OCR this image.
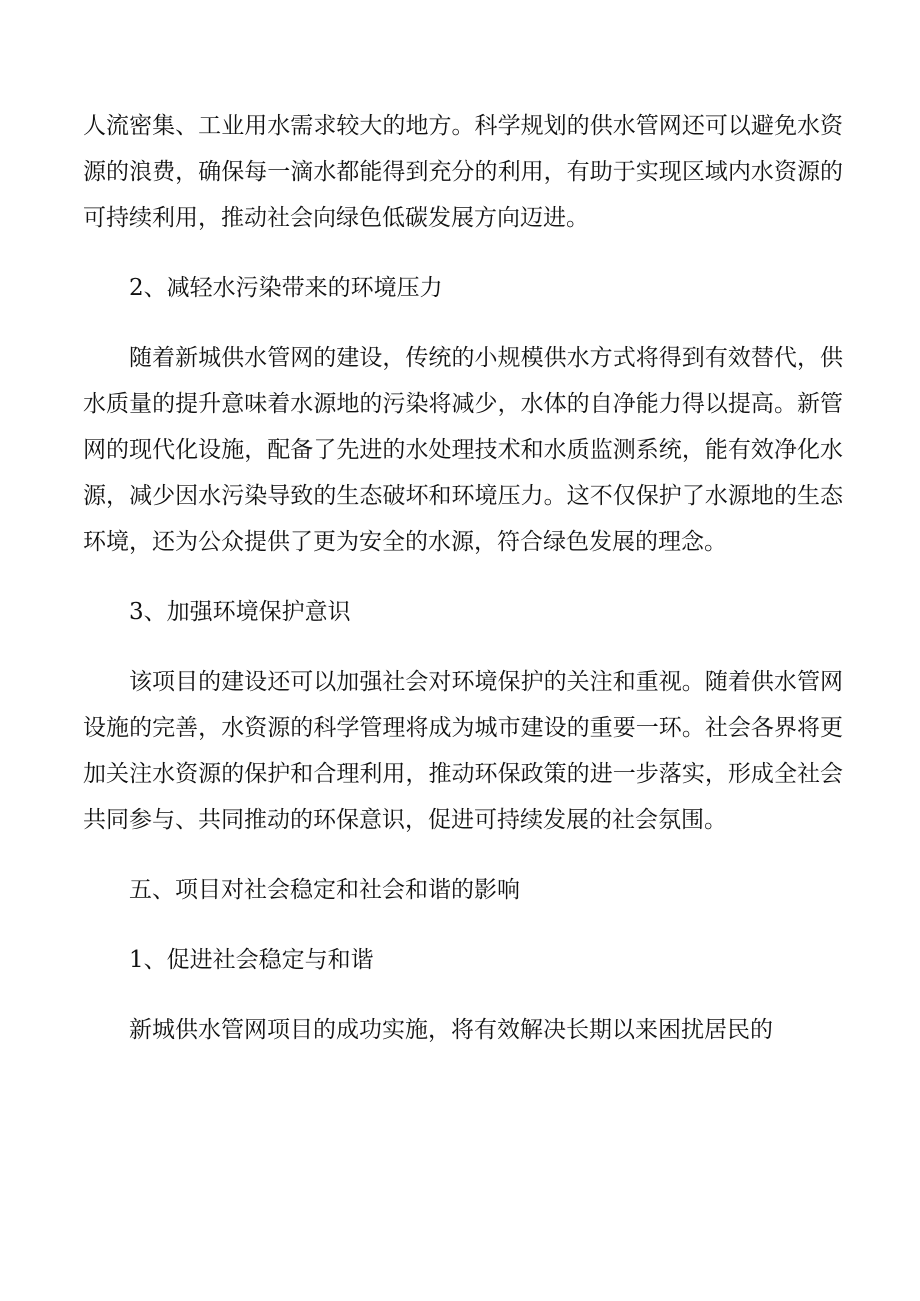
人流密集、工业用水需求较大的地方。科学规划的供水管网还可以避免水资源的浪费，确保每一滴水都能得到充分的利用，有助于实现区域内水资源的可持续利用，推动社会向绿色低碳发展方向迈进。

2、减轻水污染带来的环境压力

随着新城供水管网的建设，传统的小规模供水方式将得到有效替代，供水质量的提升意味着水源地的污染将减少，水体的自净能力得以提高。新管网的现代化设施，配备了先进的水处理技术和水质监测系统，能有效净化水源，减少因水污染导致的生态破坏和环境压力。这不仅保护了水源地的生态环境，还为公众提供了更为安全的水源，符合绿色发展的理念。

3、加强环境保护意识

该项目的建设还可以加强社会对环境保护的关注和重视。随着供水管网设施的完善，水资源的科学管理将成为城市建设的重要一环。社会各界将更加关注水资源的保护和合理利用，推动环保政策的进一步落实，形成全社会共同参与、共同推动的环保意识，促进可持续发展的社会氛围。

五、项目对社会稳定和社会和谐的影响

1、促进社会稳定与和谐

新城供水管网项目的成功实施，将有效解决长期以来困扰居民的
